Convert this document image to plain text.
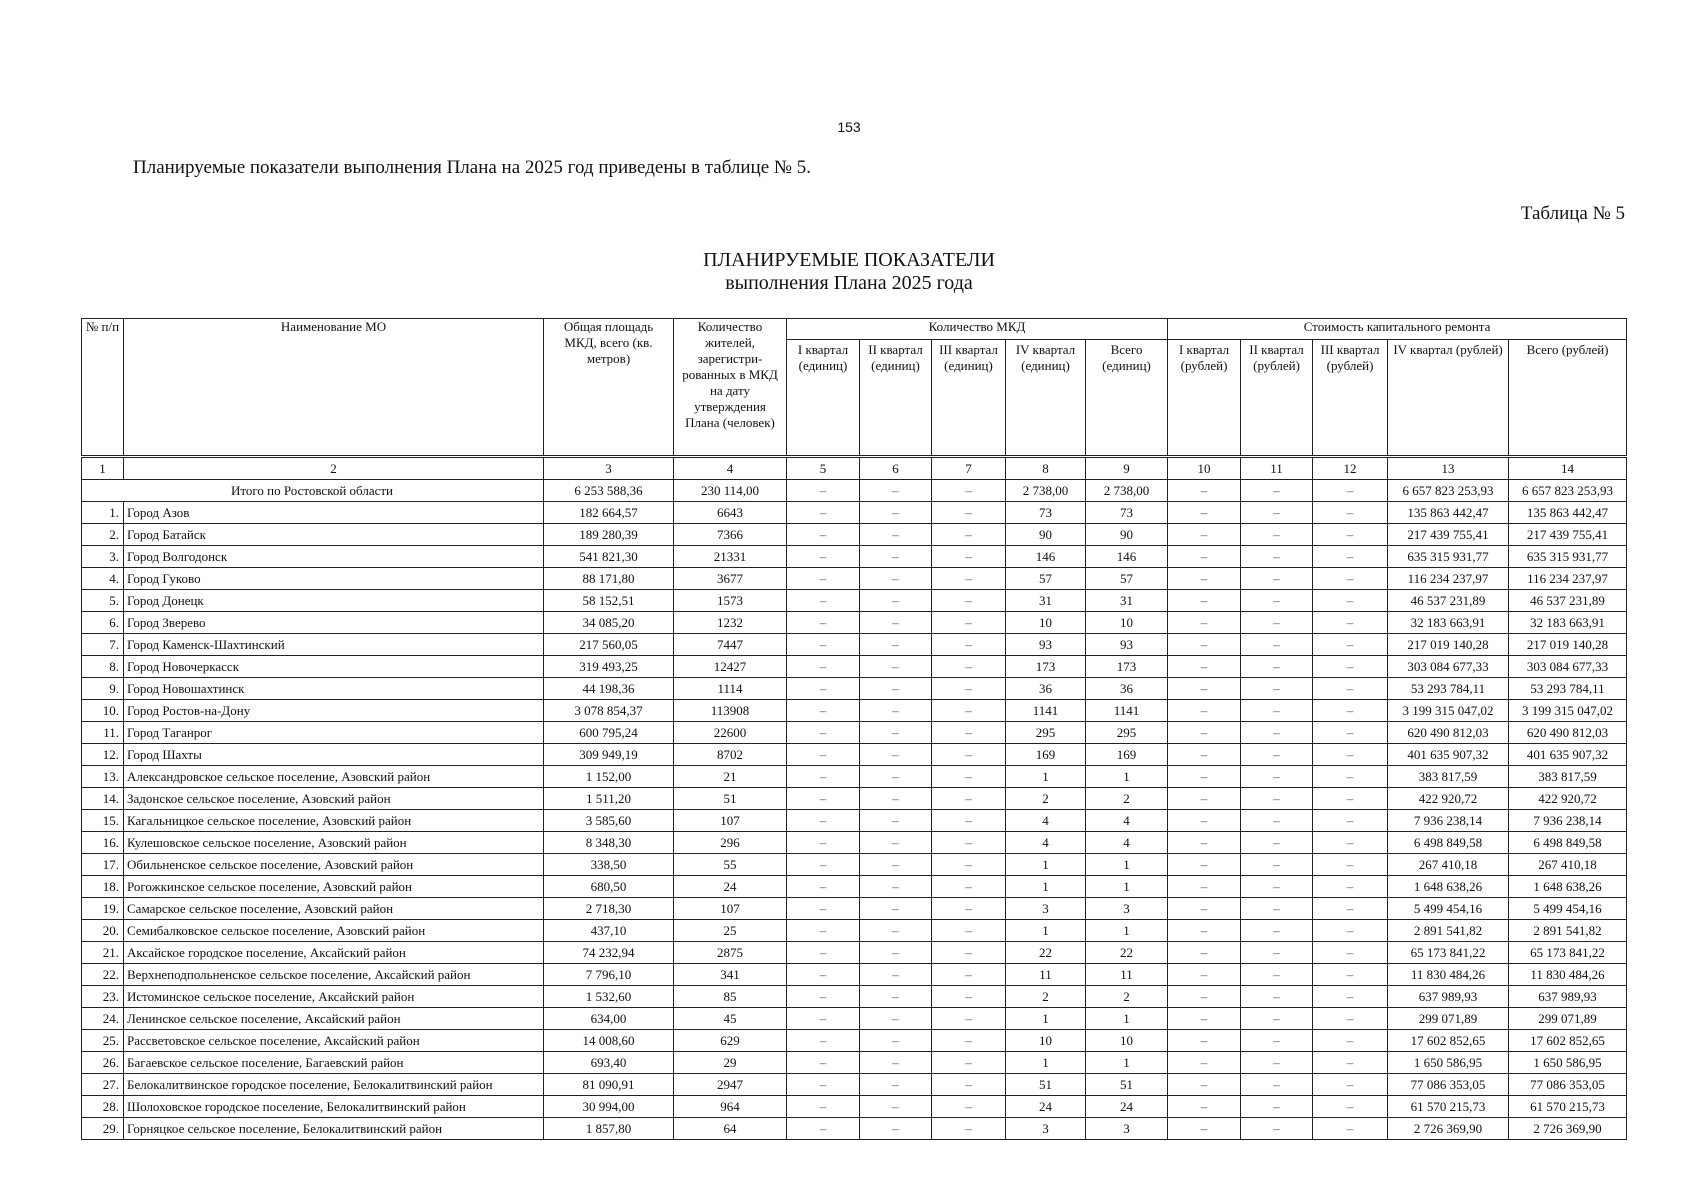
153
Планируемые показатели выполнения Плана на 2025 год приведены в таблице № 5.
Таблица № 5
ПЛАНИРУЕМЫЕ ПОКАЗАТЕЛИ
выполнения Плана 2025 года
№ п/п	Наименование МО	Общая площадь МКД, всего (кв. метров)	Количество жителей, зарегистри- рованных в МКД на дату утверждения Плана (человек)	Количество МКД					Стоимость капитального ремонта				
				I квартал (единиц)	II квартал (единиц)	III квартал (единиц)	IV квартал (единиц)	Всего (единиц)	I квартал (рублей)	II квартал (рублей)	III квартал (рублей)	IV квартал (рублей)	Всего (рублей)
1	2	3	4	5	6	7	8	9	10	11	12	13	14
Итого по Ростовской области		6 253 588,36	230 114,00	–	–	–	2 738,00	2 738,00	–	–	–	6 657 823 253,93	6 657 823 253,93
1.	Город Азов	182 664,57	6643	–	–	–	73	73	–	–	–	135 863 442,47	135 863 442,47
2.	Город Батайск	189 280,39	7366	–	–	–	90	90	–	–	–	217 439 755,41	217 439 755,41
3.	Город Волгодонск	541 821,30	21331	–	–	–	146	146	–	–	–	635 315 931,77	635 315 931,77
4.	Город Гуково	88 171,80	3677	–	–	–	57	57	–	–	–	116 234 237,97	116 234 237,97
5.	Город Донецк	58 152,51	1573	–	–	–	31	31	–	–	–	46 537 231,89	46 537 231,89
6.	Город Зверево	34 085,20	1232	–	–	–	10	10	–	–	–	32 183 663,91	32 183 663,91
7.	Город Каменск-Шахтинский	217 560,05	7447	–	–	–	93	93	–	–	–	217 019 140,28	217 019 140,28
8.	Город Новочеркасск	319 493,25	12427	–	–	–	173	173	–	–	–	303 084 677,33	303 084 677,33
9.	Город Новошахтинск	44 198,36	1114	–	–	–	36	36	–	–	–	53 293 784,11	53 293 784,11
10.	Город Ростов-на-Дону	3 078 854,37	113908	–	–	–	1141	1141	–	–	–	3 199 315 047,02	3 199 315 047,02
11.	Город Таганрог	600 795,24	22600	–	–	–	295	295	–	–	–	620 490 812,03	620 490 812,03
12.	Город Шахты	309 949,19	8702	–	–	–	169	169	–	–	–	401 635 907,32	401 635 907,32
13.	Александровское сельское поселение, Азовский район	1 152,00	21	–	–	–	1	1	–	–	–	383 817,59	383 817,59
14.	Задонское сельское поселение, Азовский район	1 511,20	51	–	–	–	2	2	–	–	–	422 920,72	422 920,72
15.	Кагальницкое сельское поселение, Азовский район	3 585,60	107	–	–	–	4	4	–	–	–	7 936 238,14	7 936 238,14
16.	Кулешовское сельское поселение, Азовский район	8 348,30	296	–	–	–	4	4	–	–	–	6 498 849,58	6 498 849,58
17.	Обильненское сельское поселение, Азовский район	338,50	55	–	–	–	1	1	–	–	–	267 410,18	267 410,18
18.	Рогожкинское сельское поселение, Азовский район	680,50	24	–	–	–	1	1	–	–	–	1 648 638,26	1 648 638,26
19.	Самарское сельское поселение, Азовский район	2 718,30	107	–	–	–	3	3	–	–	–	5 499 454,16	5 499 454,16
20.	Семибалковское сельское поселение, Азовский район	437,10	25	–	–	–	1	1	–	–	–	2 891 541,82	2 891 541,82
21.	Аксайское городское поселение, Аксайский район	74 232,94	2875	–	–	–	22	22	–	–	–	65 173 841,22	65 173 841,22
22.	Верхнеподпольненское сельское поселение, Аксайский район	7 796,10	341	–	–	–	11	11	–	–	–	11 830 484,26	11 830 484,26
23.	Истоминское сельское поселение, Аксайский район	1 532,60	85	–	–	–	2	2	–	–	–	637 989,93	637 989,93
24.	Ленинское сельское поселение, Аксайский район	634,00	45	–	–	–	1	1	–	–	–	299 071,89	299 071,89
25.	Рассветовское сельское поселение, Аксайский район	14 008,60	629	–	–	–	10	10	–	–	–	17 602 852,65	17 602 852,65
26.	Багаевское сельское поселение, Багаевский район	693,40	29	–	–	–	1	1	–	–	–	1 650 586,95	1 650 586,95
27.	Белокалитвинское городское поселение, Белокалитвинский район	81 090,91	2947	–	–	–	51	51	–	–	–	77 086 353,05	77 086 353,05
28.	Шолоховское городское поселение, Белокалитвинский район	30 994,00	964	–	–	–	24	24	–	–	–	61 570 215,73	61 570 215,73
29.	Горняцкое сельское поселение, Белокалитвинский район	1 857,80	64	–	–	–	3	3	–	–	–	2 726 369,90	2 726 369,90
